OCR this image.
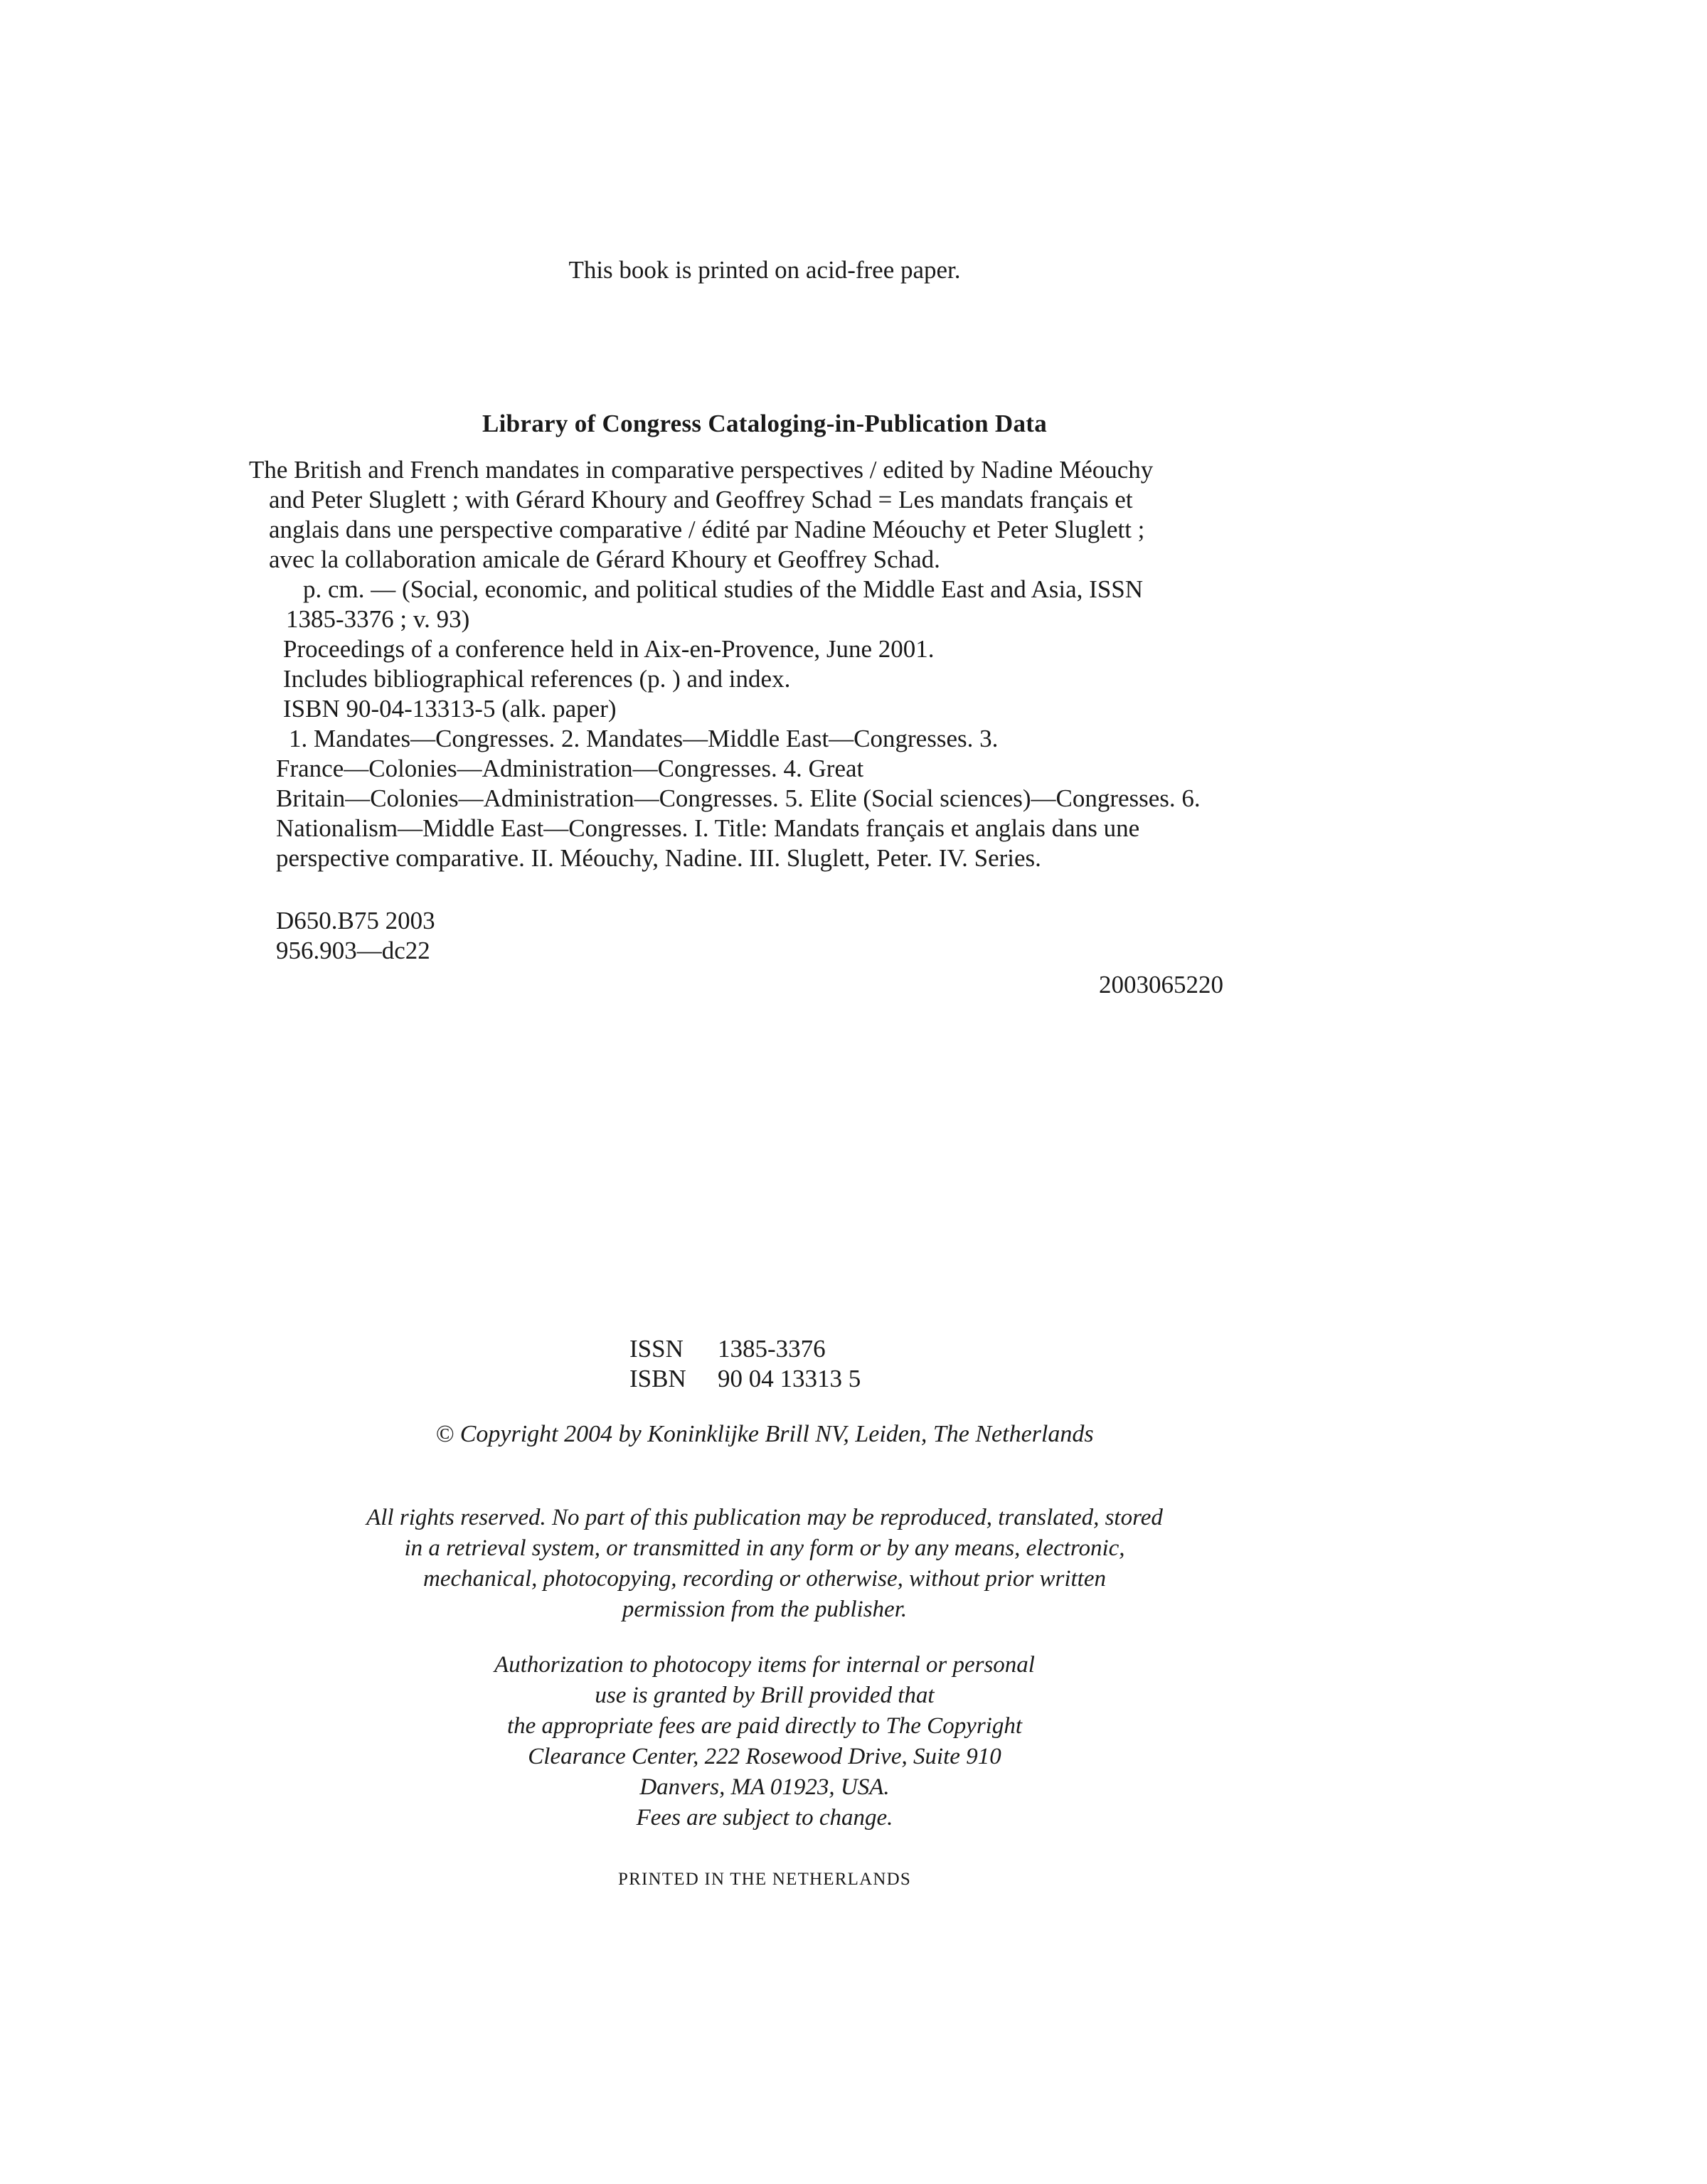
This book is printed on acid-free paper.
Library of Congress Cataloging-in-Publication Data
The British and French mandates in comparative perspectives / edited by Nadine Méouchy
and Peter Sluglett ; with Gérard Khoury and Geoffrey Schad = Les mandats français et
anglais dans une perspective comparative / édité par Nadine Méouchy et Peter Sluglett ;
avec la collaboration amicale de Gérard Khoury et Geoffrey Schad.
p. cm. — (Social, economic, and political studies of the Middle East and Asia, ISSN
1385-3376 ; v. 93)
Proceedings of a conference held in Aix-en-Provence, June 2001.
Includes bibliographical references (p. ) and index.
ISBN 90-04-13313-5 (alk. paper)
1. Mandates—Congresses. 2. Mandates—Middle East—Congresses. 3.
France—Colonies—Administration—Congresses. 4. Great
Britain—Colonies—Administration—Congresses. 5. Elite (Social sciences)—Congresses. 6.
Nationalism—Middle East—Congresses. I. Title: Mandats français et anglais dans une
perspective comparative. II. Méouchy, Nadine. III. Sluglett, Peter. IV. Series.
D650.B75 2003
956.903—dc22
2003065220
ISSN 1385-3376
ISBN 90 04 13313 5
© Copyright 2004 by Koninklijke Brill NV, Leiden, The Netherlands
All rights reserved. No part of this publication may be reproduced, translated, stored
in a retrieval system, or transmitted in any form or by any means, electronic,
mechanical, photocopying, recording or otherwise, without prior written
permission from the publisher.
Authorization to photocopy items for internal or personal
use is granted by Brill provided that
the appropriate fees are paid directly to The Copyright
Clearance Center, 222 Rosewood Drive, Suite 910
Danvers, MA 01923, USA.
Fees are subject to change.
PRINTED IN THE NETHERLANDS
